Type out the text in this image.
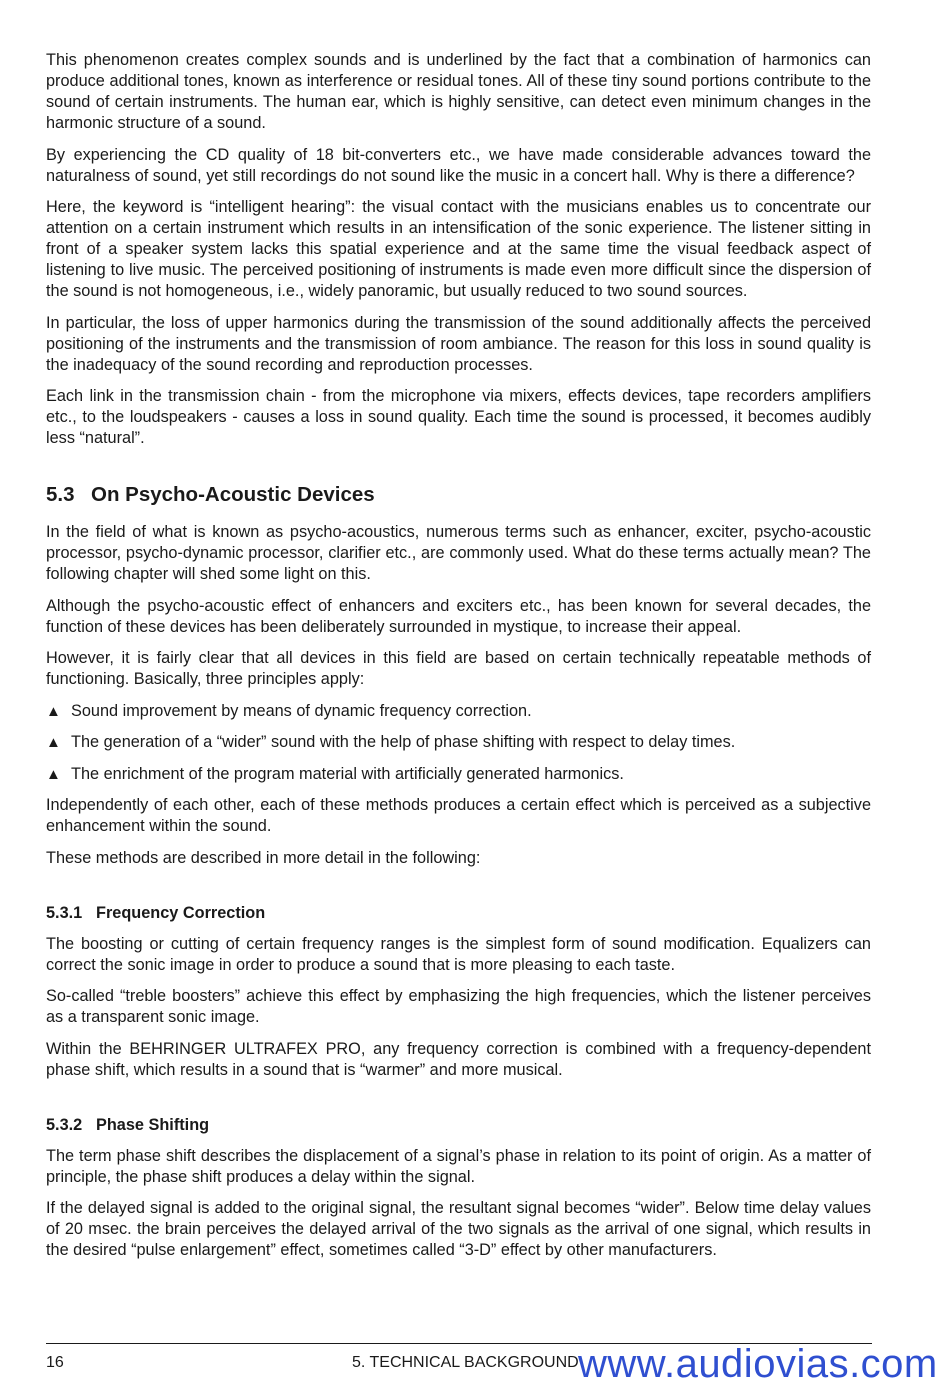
This phenomenon creates complex sounds and is underlined by the fact that a combination of harmonics can produce additional tones, known as interference or residual tones. All of these tiny sound portions contribute to the sound of certain instruments. The human ear, which is highly sensitive, can detect even minimum changes in the harmonic structure of a sound.

By experiencing the CD quality of 18 bit-converters etc., we have made considerable advances toward the naturalness of sound, yet still recordings do not sound like the music in a concert hall. Why is there a difference?

Here, the keyword is “intelligent hearing”: the visual contact with the musicians enables us to concentrate our attention on a certain instrument which results in an intensification of the sonic experience. The listener sitting in front of a speaker system lacks this spatial experience and at the same time the visual feedback aspect of listening to live music. The perceived positioning of instruments is made even more difficult since the dispersion of the sound is not homogeneous, i.e., widely panoramic, but usually reduced to two sound sources.

In particular, the loss of upper harmonics during the transmission of the sound additionally affects the perceived positioning of the instruments and the transmission of room ambiance. The reason for this loss in sound quality is the inadequacy of the sound recording and reproduction processes.

Each link in the transmission chain - from the microphone via mixers, effects devices, tape recorders amplifiers etc., to the loudspeakers - causes a loss in sound quality. Each time the sound is processed, it becomes audibly less “natural”.

5.3 On Psycho-Acoustic Devices

In the field of what is known as psycho-acoustics, numerous terms such as enhancer, exciter, psycho-acoustic processor, psycho-dynamic processor, clarifier etc., are commonly used. What do these terms actually mean? The following chapter will shed some light on this.

Although the psycho-acoustic effect of enhancers and exciters etc., has been known for several decades, the function of these devices has been deliberately surrounded in mystique, to increase their appeal.

However, it is fairly clear that all devices in this field are based on certain technically repeatable methods of functioning. Basically, three principles apply:

▲ Sound improvement by means of dynamic frequency correction.
▲ The generation of a “wider” sound with the help of phase shifting with respect to delay times.
▲ The enrichment of the program material with artificially generated harmonics.

Independently of each other, each of these methods produces a certain effect which is perceived as a subjective enhancement within the sound.

These methods are described in more detail in the following:

5.3.1 Frequency Correction

The boosting or cutting of certain frequency ranges is the simplest form of sound modification. Equalizers can correct the sonic image in order to produce a sound that is more pleasing to each taste.

So-called “treble boosters” achieve this effect by emphasizing the high frequencies, which the listener perceives as a transparent sonic image.

Within the BEHRINGER ULTRAFEX PRO, any frequency correction is combined with a frequency-dependent phase shift, which results in a sound that is “warmer” and more musical.

5.3.2 Phase Shifting

The term phase shift describes the displacement of a signal’s phase in relation to its point of origin. As a matter of principle, the phase shift produces a delay within the signal.

If the delayed signal is added to the original signal, the resultant signal becomes “wider”. Below time delay values of 20 msec. the brain perceives the delayed arrival of the two signals as the arrival of one signal, which results in the desired “pulse enlargement” effect, sometimes called “3-D” effect by other manufacturers.

16	5. TECHNICAL BACKGROUND www.audiovias.com
